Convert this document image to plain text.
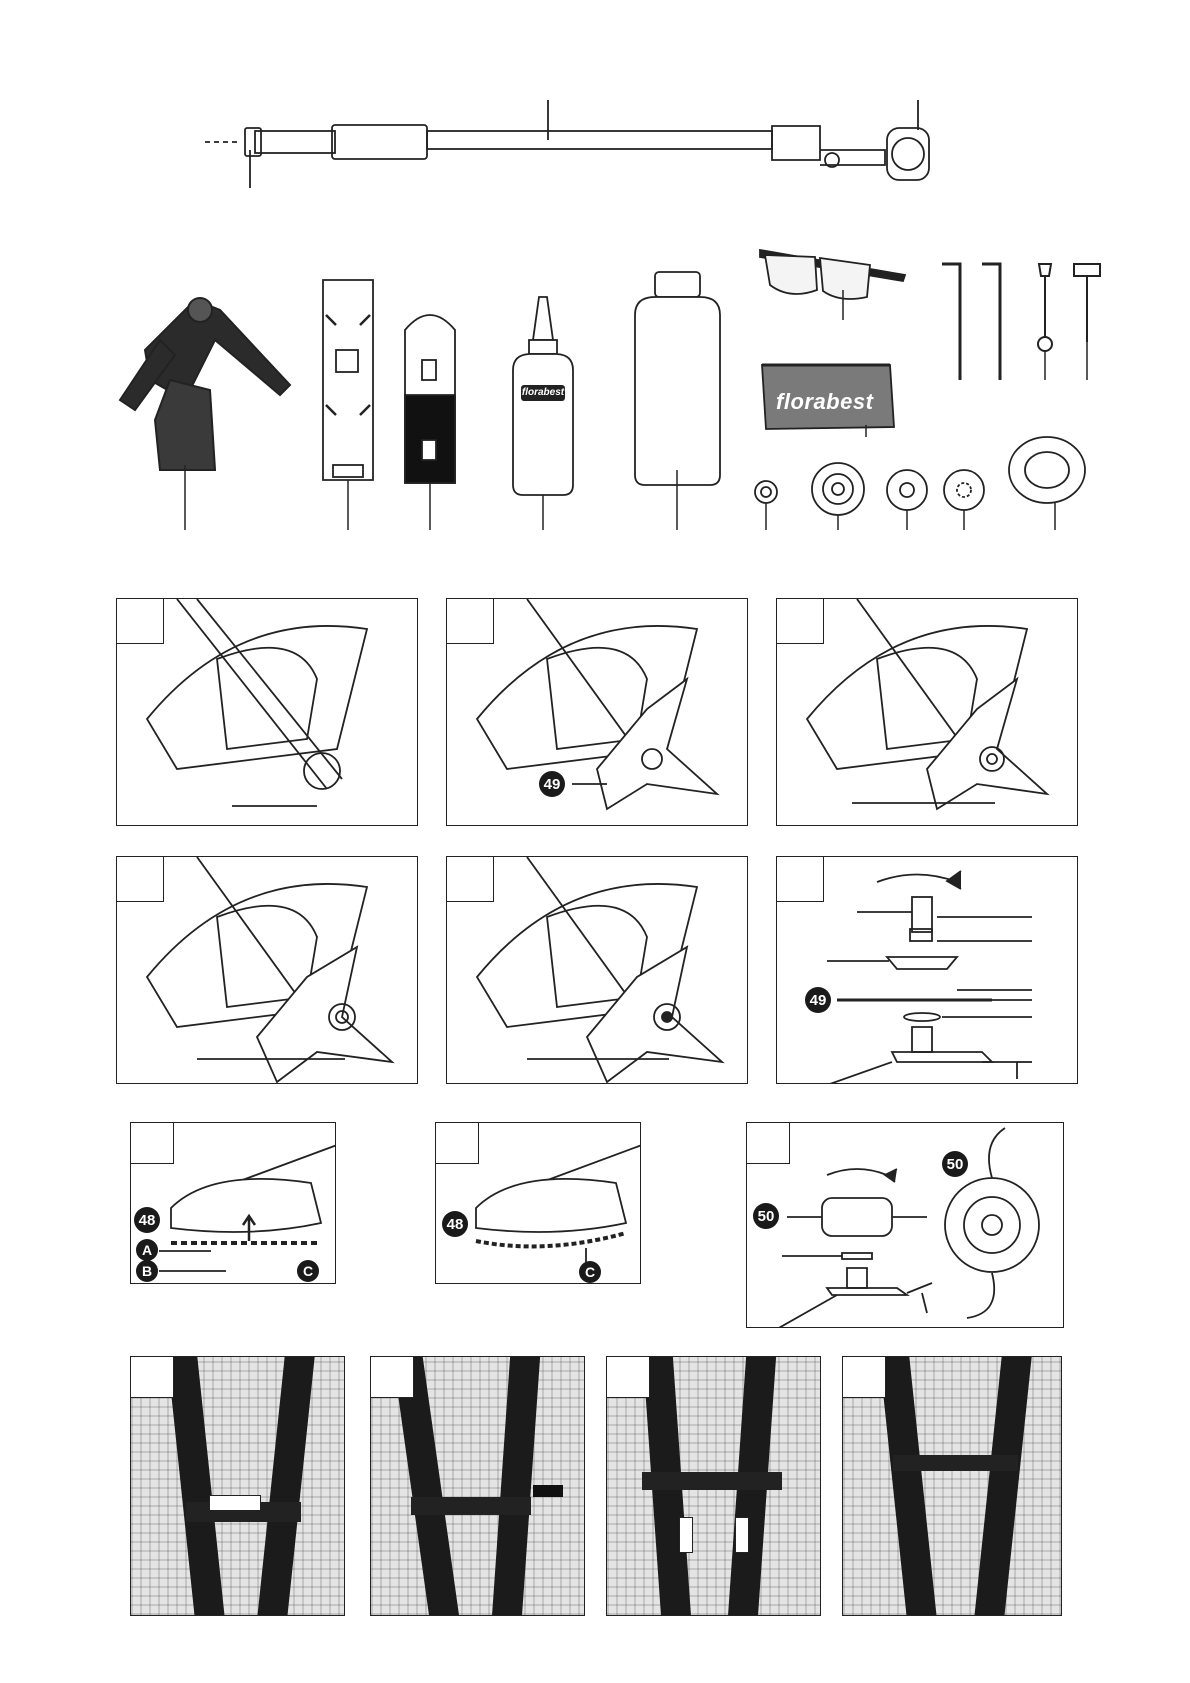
florabest	florabest
49
49
48
A
B	C
48
C
50
50
